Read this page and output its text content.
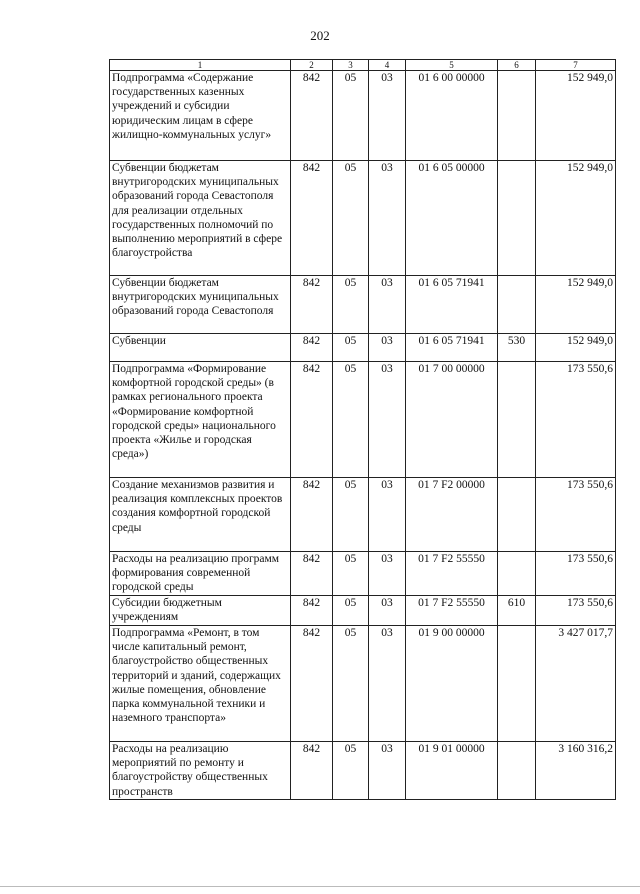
202
1	2	3	4	5	6	7
Подпрограмма «Содержание государственных казенных учреждений и субсидии юридическим лицам в сфере жилищно-коммунальных услуг»	842	05	03	01 6 00 00000		152 949,0
Субвенции бюджетам внутригородских муниципальных образований города Севастополя для реализации отдельных государственных полномочий по выполнению мероприятий в сфере благоустройства	842	05	03	01 6 05 00000		152 949,0
Субвенции бюджетам внутригородских муниципальных образований города Севастополя	842	05	03	01 6 05 71941		152 949,0
Субвенции	842	05	03	01 6 05 71941	530	152 949,0
Подпрограмма «Формирование комфортной городской среды» (в рамках регионального проекта «Формирование комфортной городской среды» национального проекта «Жилье и городская среда»)	842	05	03	01 7 00 00000		173 550,6
Создание механизмов развития и реализация комплексных проектов создания комфортной городской среды	842	05	03	01 7 F2 00000		173 550,6
Расходы на реализацию программ формирования современной городской среды	842	05	03	01 7 F2 55550		173 550,6
Субсидии бюджетным учреждениям	842	05	03	01 7 F2 55550	610	173 550,6
Подпрограмма «Ремонт, в том числе капитальный ремонт, благоустройство общественных территорий и зданий, содержащих жилые помещения, обновление парка коммунальной техники и наземного транспорта»	842	05	03	01 9 00 00000		3 427 017,7
Расходы на реализацию мероприятий по ремонту и благоустройству общественных пространств	842	05	03	01 9 01 00000		3 160 316,2
